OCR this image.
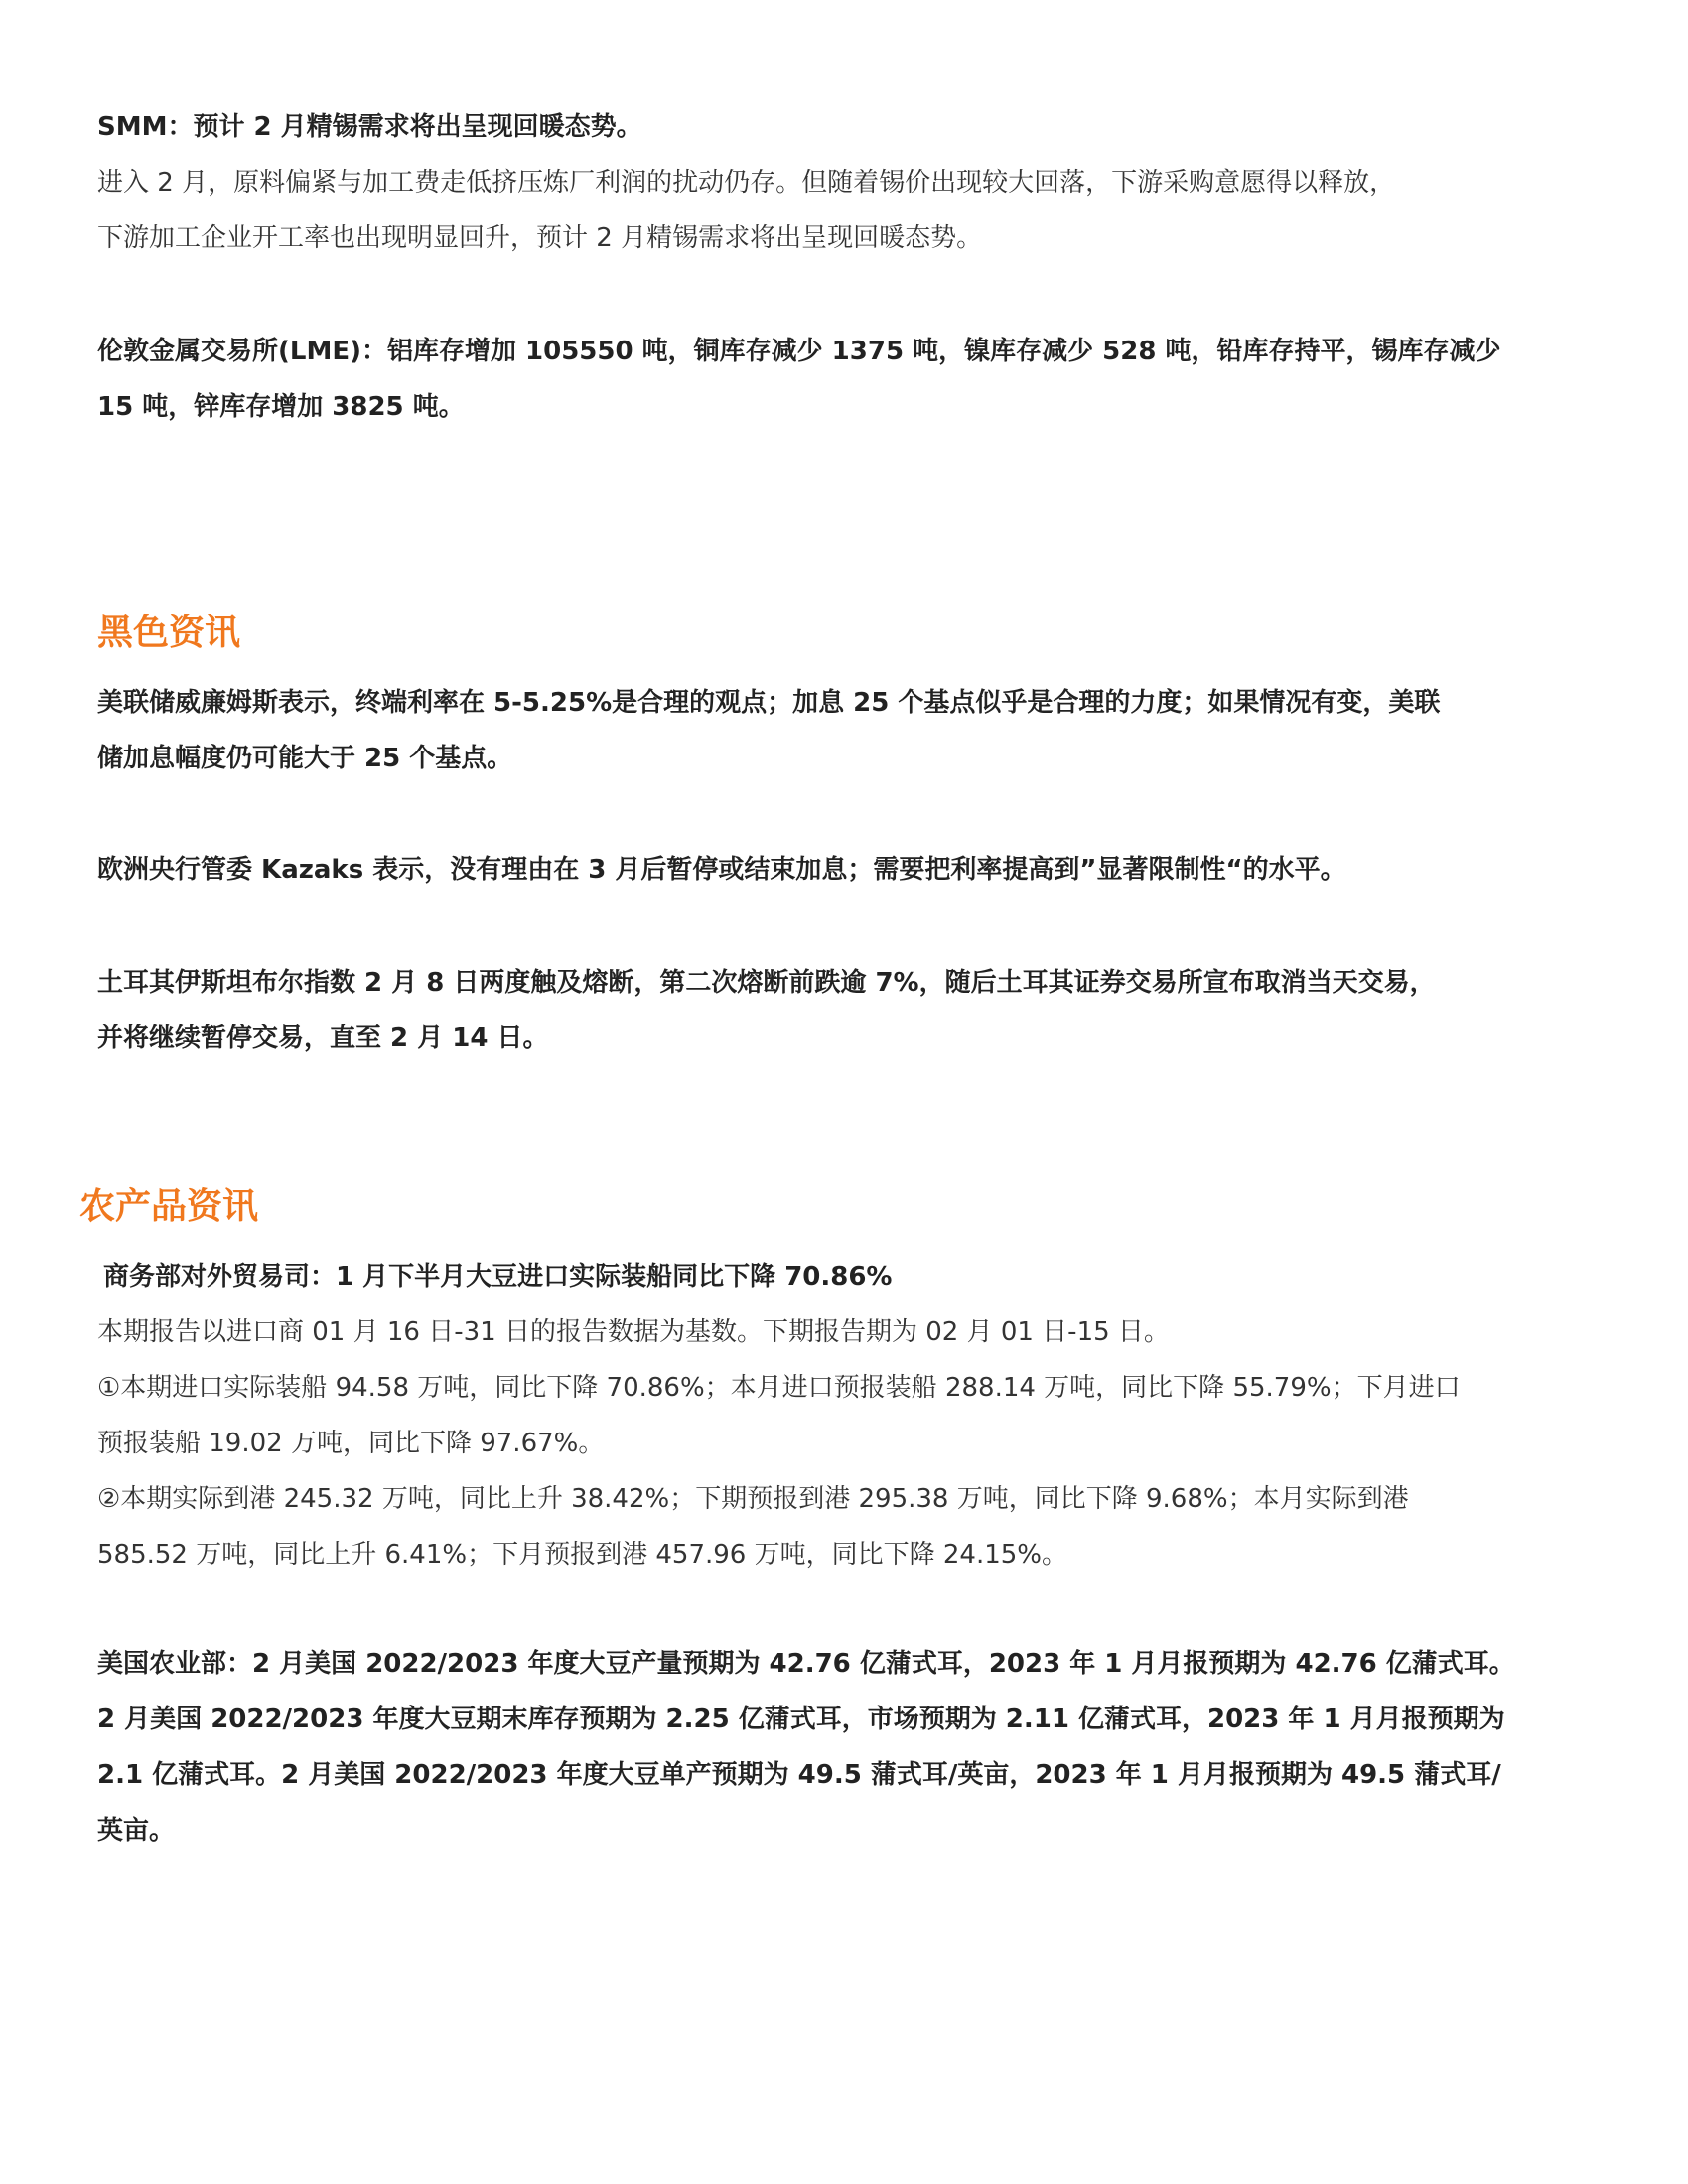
SMM：预计 2 月精锡需求将出呈现回暖态势。

进入 2 月，原料偏紧与加工费走低挤压炼厂利润的扰动仍存。但随着锡价出现较大回落，下游采购意愿得以释放，
下游加工企业开工率也出现明显回升，预计 2 月精锡需求将出呈现回暖态势。

伦敦金属交易所(LME)：铝库存增加 105550 吨，铜库存减少 1375 吨，镍库存减少 528 吨，铅库存持平，锡库存减少
15 吨，锌库存增加 3825 吨。

黑色资讯

美联储威廉姆斯表示，终端利率在 5-5.25%是合理的观点；加息 25 个基点似乎是合理的力度；如果情况有变，美联
储加息幅度仍可能大于 25 个基点。

欧洲央行管委 Kazaks 表示，没有理由在 3 月后暂停或结束加息；需要把利率提高到”显著限制性“的水平。

土耳其伊斯坦布尔指数 2 月 8 日两度触及熔断，第二次熔断前跌逾 7%，随后土耳其证券交易所宣布取消当天交易，
并将继续暂停交易，直至 2 月 14 日。

农产品资讯

商务部对外贸易司：1 月下半月大豆进口实际装船同比下降 70.86%

本期报告以进口商 01 月 16 日-31 日的报告数据为基数。下期报告期为 02 月 01 日-15 日。
①本期进口实际装船 94.58 万吨，同比下降 70.86%；本月进口预报装船 288.14 万吨，同比下降 55.79%；下月进口
预报装船 19.02 万吨，同比下降 97.67%。
②本期实际到港 245.32 万吨，同比上升 38.42%；下期预报到港 295.38 万吨，同比下降 9.68%；本月实际到港
585.52 万吨，同比上升 6.41%；下月预报到港 457.96 万吨，同比下降 24.15%。

美国农业部：2 月美国 2022/2023 年度大豆产量预期为 42.76 亿蒲式耳，2023 年 1 月月报预期为 42.76 亿蒲式耳。
2 月美国 2022/2023 年度大豆期末库存预期为 2.25 亿蒲式耳，市场预期为 2.11 亿蒲式耳，2023 年 1 月月报预期为
2.1 亿蒲式耳。2 月美国 2022/2023 年度大豆单产预期为 49.5 蒲式耳/英亩，2023 年 1 月月报预期为 49.5 蒲式耳/
英亩。
